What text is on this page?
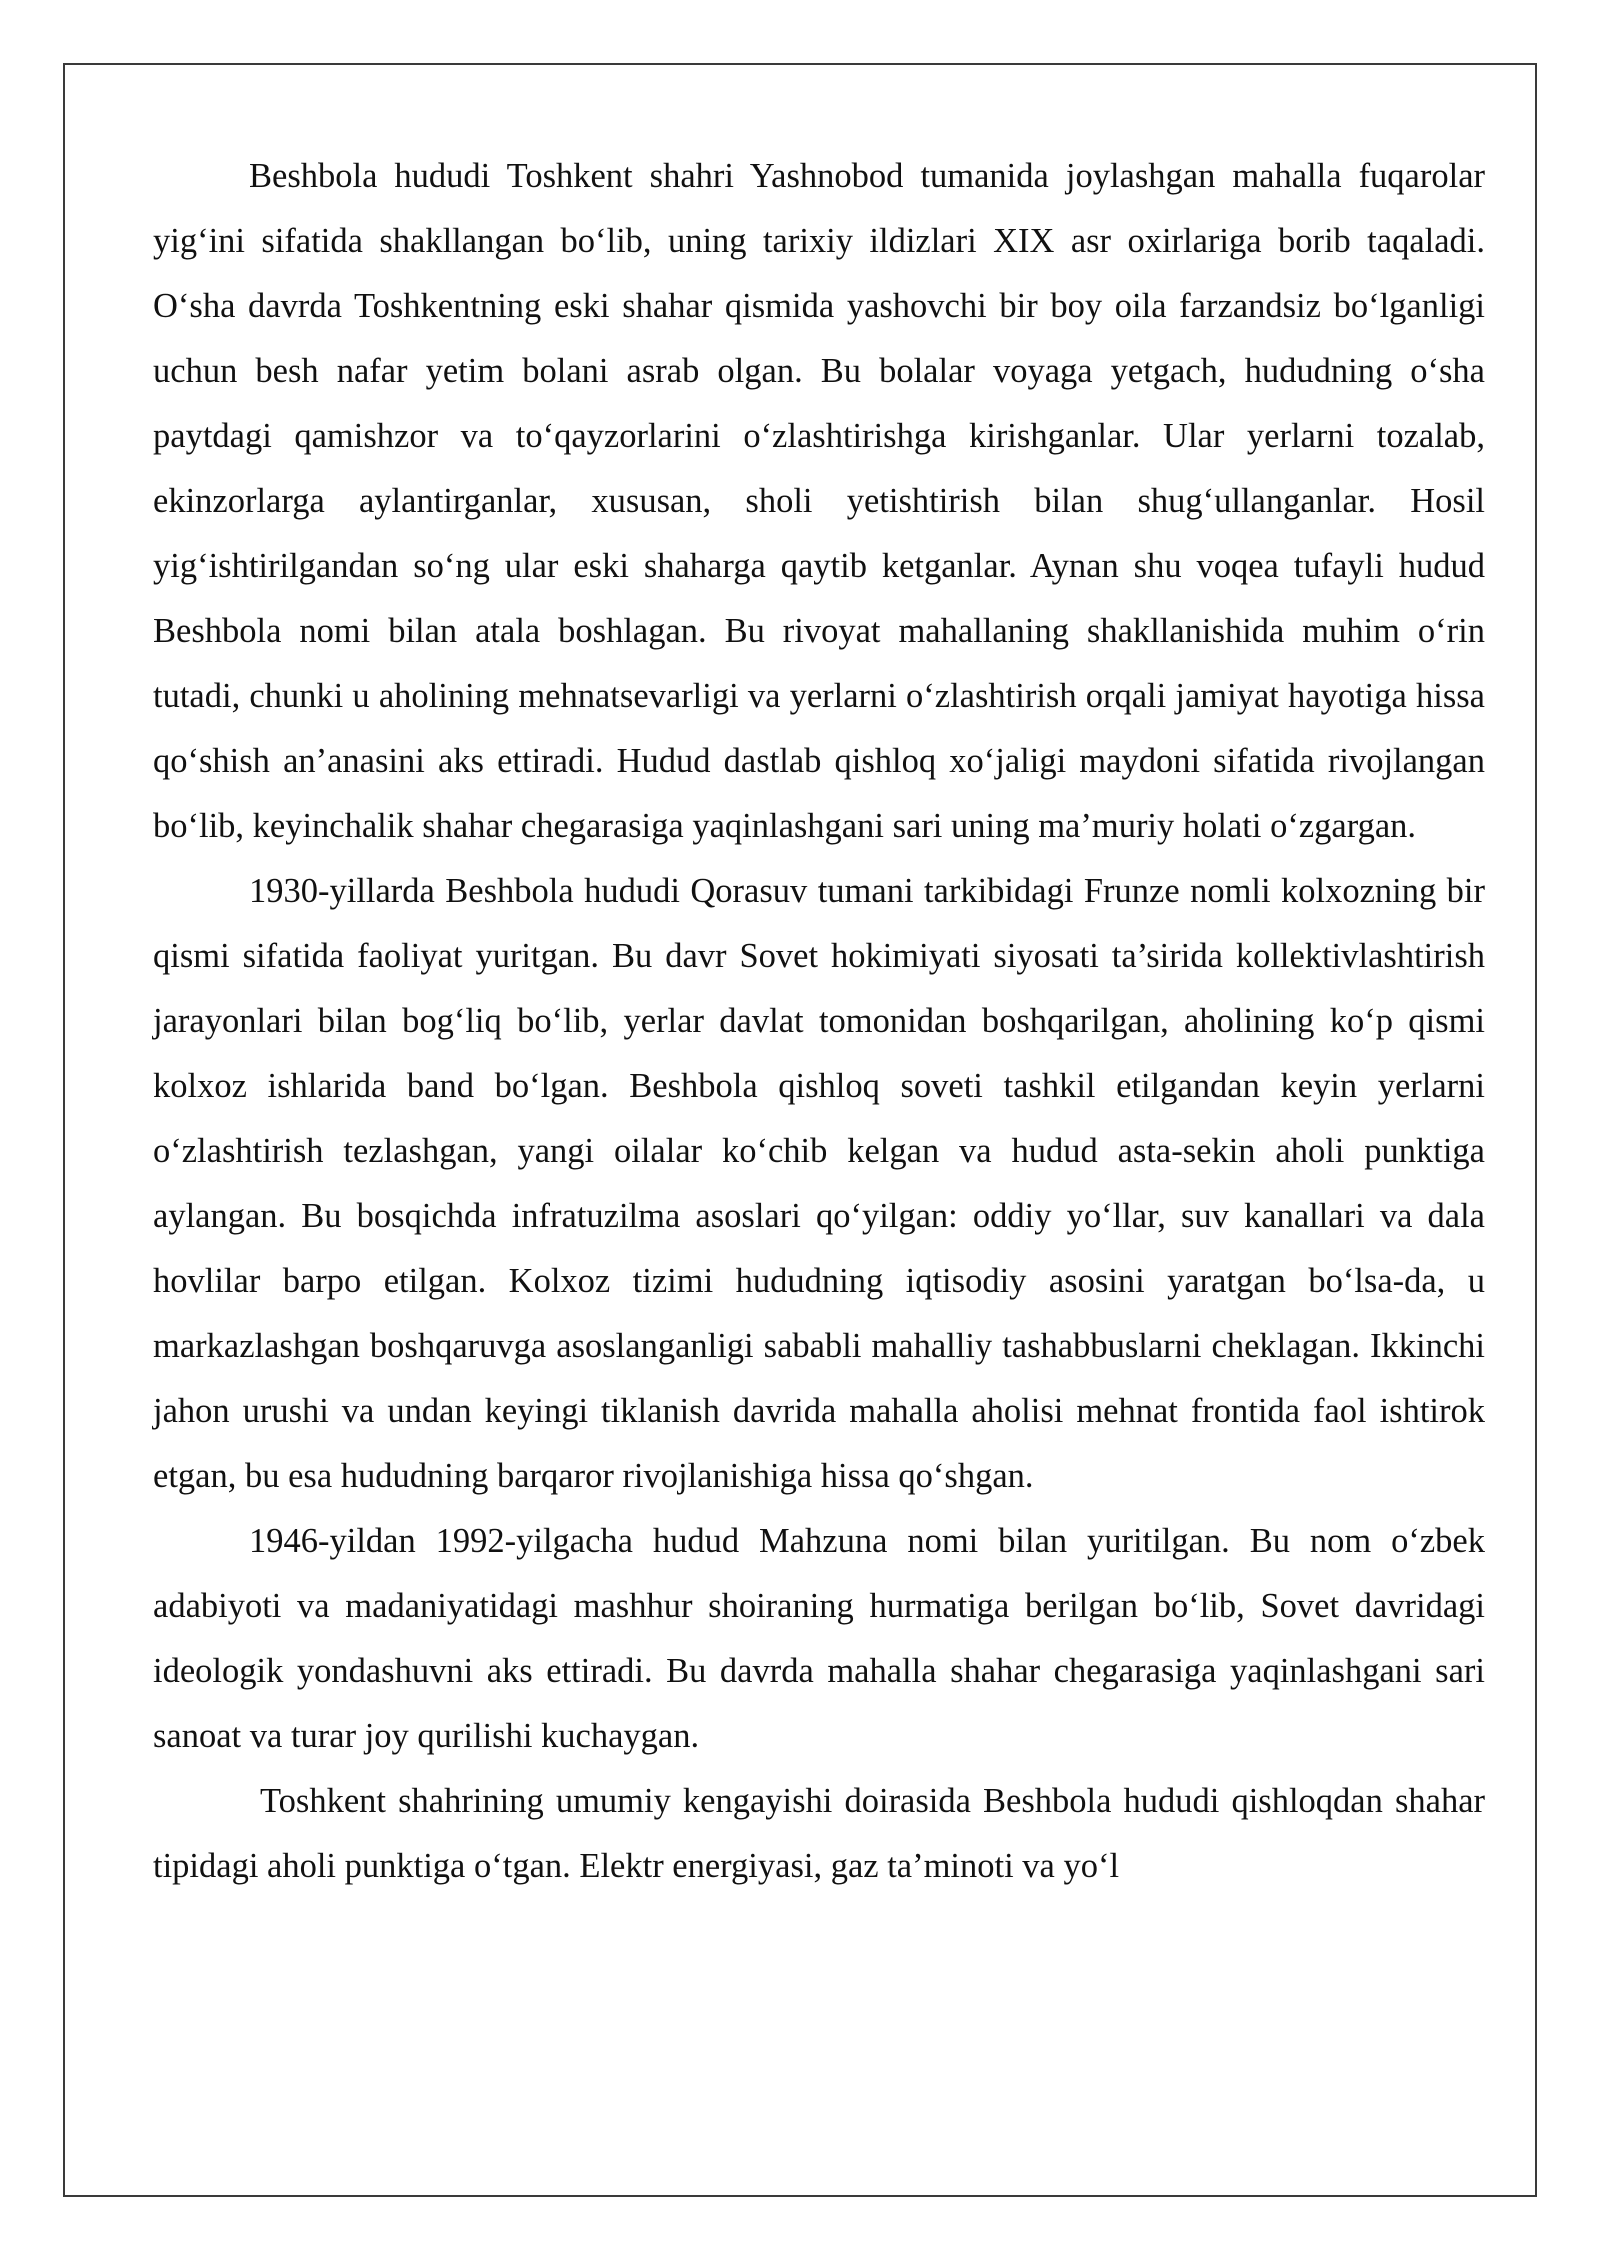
Beshbola hududi Toshkent shahri Yashnobod tumanida joylashgan mahalla fuqarolar yig‘ini sifatida shakllangan bo‘lib, uning tarixiy ildizlari XIX asr oxirlariga borib taqaladi. O‘sha davrda Toshkentning eski shahar qismida yashovchi bir boy oila farzandsiz bo‘lganligi uchun besh nafar yetim bolani asrab olgan. Bu bolalar voyaga yetgach, hududning o‘sha paytdagi qamishzor va to‘qayzorlarini o‘zlashtirishga kirishganlar. Ular yerlarni tozalab, ekinzorlarga aylantirganlar, xususan, sholi yetishtirish bilan shug‘ullanganlar. Hosil yig‘ishtirilgandan so‘ng ular eski shaharga qaytib ketganlar. Aynan shu voqea tufayli hudud Beshbola nomi bilan atala boshlagan. Bu rivoyat mahallaning shakllanishida muhim o‘rin tutadi, chunki u aholining mehnatsevarligi va yerlarni o‘zlashtirish orqali jamiyat hayotiga hissa qo‘shish an’anasini aks ettiradi. Hudud dastlab qishloq xo‘jaligi maydoni sifatida rivojlangan bo‘lib, keyinchalik shahar chegarasiga yaqinlashgani sari uning ma’muriy holati o‘zgargan.

1930-yillarda Beshbola hududi Qorasuv tumani tarkibidagi Frunze nomli kolxozning bir qismi sifatida faoliyat yuritgan. Bu davr Sovet hokimiyati siyosati ta’sirida kollektivlashtirish jarayonlari bilan bog‘liq bo‘lib, yerlar davlat tomonidan boshqarilgan, aholining ko‘p qismi kolxoz ishlarida band bo‘lgan. Beshbola qishloq soveti tashkil etilgandan keyin yerlarni o‘zlashtirish tezlashgan, yangi oilalar ko‘chib kelgan va hudud asta-sekin aholi punktiga aylangan. Bu bosqichda infratuzilma asoslari qo‘yilgan: oddiy yo‘llar, suv kanallari va dala hovlilar barpo etilgan. Kolxoz tizimi hududning iqtisodiy asosini yaratgan bo‘lsa-da, u markazlashgan boshqaruvga asoslanganligi sababli mahalliy tashabbuslarni cheklagan. Ikkinchi jahon urushi va undan keyingi tiklanish davrida mahalla aholisi mehnat frontida faol ishtirok etgan, bu esa hududning barqaror rivojlanishiga hissa qo‘shgan.

1946-yildan 1992-yilgacha hudud Mahzuna nomi bilan yuritilgan. Bu nom o‘zbek adabiyoti va madaniyatidagi mashhur shoiraning hurmatiga berilgan bo‘lib, Sovet davridagi ideologik yondashuvni aks ettiradi. Bu davrda mahalla shahar chegarasiga yaqinlashgani sari sanoat va turar joy qurilishi kuchaygan.

Toshkent shahrining umumiy kengayishi doirasida Beshbola hududi qishloqdan shahar tipidagi aholi punktiga o‘tgan. Elektr energiyasi, gaz ta’minoti va yo‘l
